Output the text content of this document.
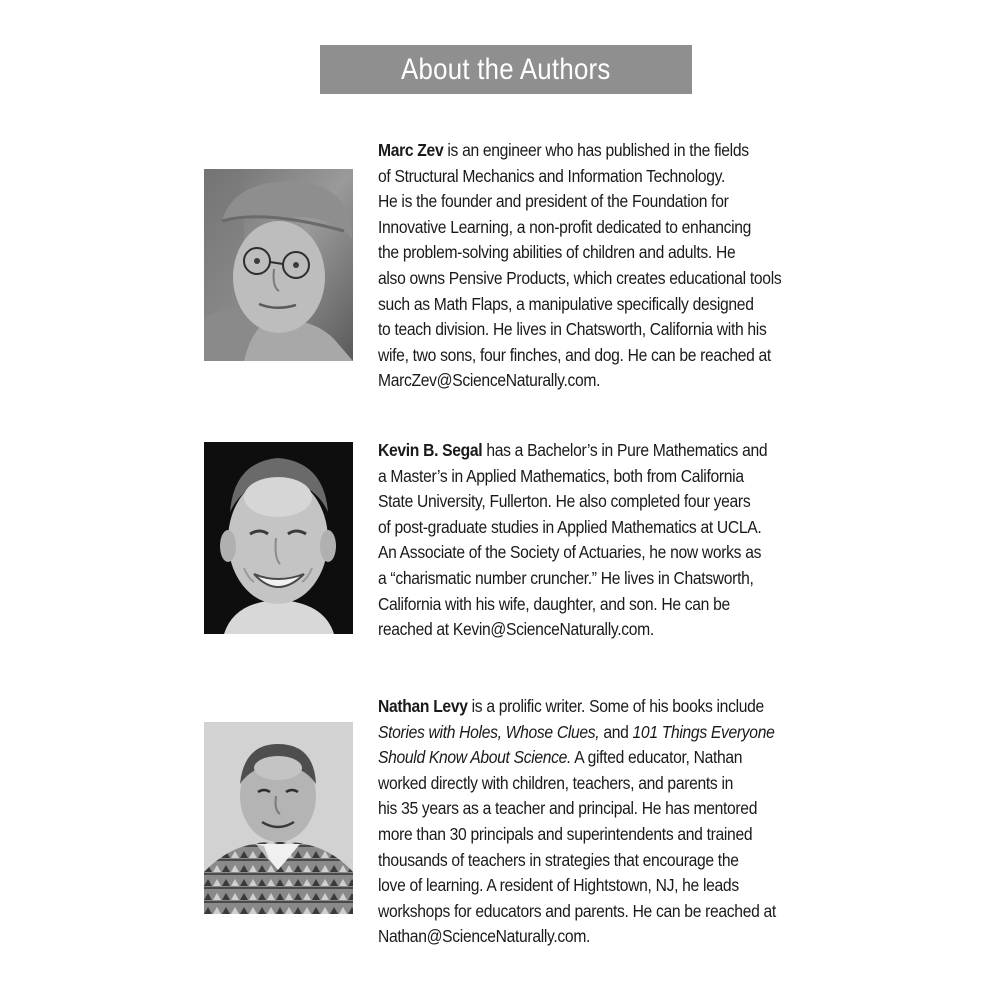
About the Authors
Marc Zev is an engineer who has published in the fields
of Structural Mechanics and Information Technology.
He is the founder and president of the Foundation for
Innovative Learning, a non-profit dedicated to enhancing
the problem-solving abilities of children and adults. He
also owns Pensive Products, which creates educational tools
such as Math Flaps, a manipulative specifically designed
to teach division. He lives in Chatsworth, California with his
wife, two sons, four finches, and dog. He can be reached at
MarcZev@ScienceNaturally.com.
Kevin B. Segal has a Bachelor’s in Pure Mathematics and
a Master’s in Applied Mathematics, both from California
State University, Fullerton. He also completed four years
of post-graduate studies in Applied Mathematics at UCLA.
An Associate of the Society of Actuaries, he now works as
a “charismatic number cruncher.” He lives in Chatsworth,
California with his wife, daughter, and son. He can be
reached at Kevin@ScienceNaturally.com.
Nathan Levy is a prolific writer. Some of his books include
Stories with Holes, Whose Clues, and 101 Things Everyone
Should Know About Science. A gifted educator, Nathan
worked directly with children, teachers, and parents in
his 35 years as a teacher and principal. He has mentored
more than 30 principals and superintendents and trained
thousands of teachers in strategies that encourage the
love of learning. A resident of Hightstown, NJ, he leads
workshops for educators and parents. He can be reached at
Nathan@ScienceNaturally.com.
